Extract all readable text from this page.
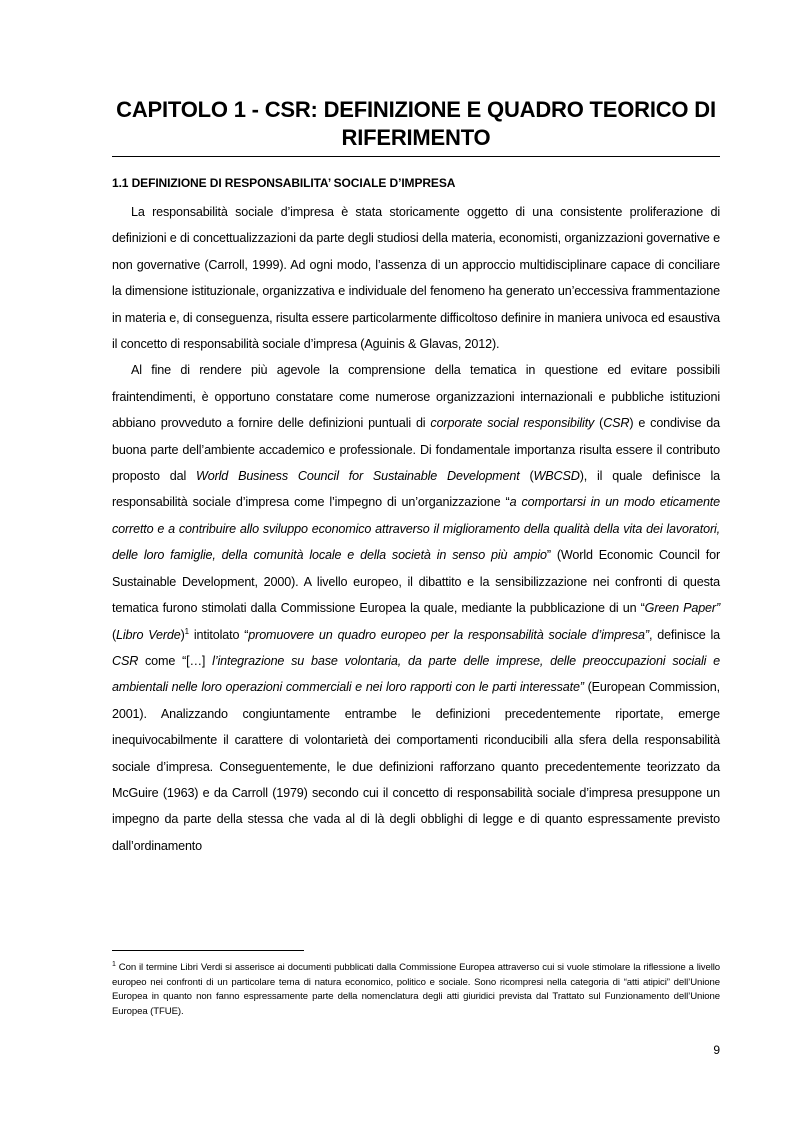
CAPITOLO 1 - CSR: DEFINIZIONE E QUADRO TEORICO DI RIFERIMENTO
1.1 DEFINIZIONE DI RESPONSABILITA’ SOCIALE D’IMPRESA

La responsabilità sociale d’impresa è stata storicamente oggetto di una consistente proliferazione di definizioni e di concettualizzazioni da parte degli studiosi della materia, economisti, organizzazioni governative e non governative (Carroll, 1999). Ad ogni modo, l’assenza di un approccio multidisciplinare capace di conciliare la dimensione istituzionale, organizzativa e individuale del fenomeno ha generato un’eccessiva frammentazione in materia e, di conseguenza, risulta essere particolarmente difficoltoso definire in maniera univoca ed esaustiva il concetto di responsabilità sociale d’impresa (Aguinis & Glavas, 2012).

Al fine di rendere più agevole la comprensione della tematica in questione ed evitare possibili fraintendimenti, è opportuno constatare come numerose organizzazioni internazionali e pubbliche istituzioni abbiano provveduto a fornire delle definizioni puntuali di corporate social responsibility (CSR) e condivise da buona parte dell’ambiente accademico e professionale. Di fondamentale importanza risulta essere il contributo proposto dal World Business Council for Sustainable Development (WBCSD), il quale definisce la responsabilità sociale d’impresa come l’impegno di un’organizzazione “a comportarsi in un modo eticamente corretto e a contribuire allo sviluppo economico attraverso il miglioramento della qualità della vita dei lavoratori, delle loro famiglie, della comunità locale e della società in senso più ampio” (World Economic Council for Sustainable Development, 2000). A livello europeo, il dibattito e la sensibilizzazione nei confronti di questa tematica furono stimolati dalla Commissione Europea la quale, mediante la pubblicazione di un “Green Paper” (Libro Verde)$^1$ intitolato “promuovere un quadro europeo per la responsabilità sociale d’impresa”, definisce la CSR come “[…] l’integrazione su base volontaria, da parte delle imprese, delle preoccupazioni sociali e ambientali nelle loro operazioni commerciali e nei loro rapporti con le parti interessate” (European Commission, 2001). Analizzando congiuntamente entrambe le definizioni precedentemente riportate, emerge inequivocabilmente il carattere di volontarietà dei comportamenti riconducibili alla sfera della responsabilità sociale d’impresa. Conseguentemente, le due definizioni rafforzano quanto precedentemente teorizzato da McGuire (1963) e da Carroll (1979) secondo cui il concetto di responsabilità sociale d’impresa presuppone un impegno da parte della stessa che vada al di là degli obblighi di legge e di quanto espressamente previsto dall’ordinamento

$^1$ Con il termine Libri Verdi si asserisce ai documenti pubblicati dalla Commissione Europea attraverso cui si vuole stimolare la riflessione a livello europeo nei confronti di un particolare tema di natura economico, politico e sociale. Sono ricompresi nella categoria di “atti atipici” dell’Unione Europea in quanto non fanno espressamente parte della nomenclatura degli atti giuridici prevista dal Trattato sul Funzionamento dell’Unione Europea (TFUE).
9
